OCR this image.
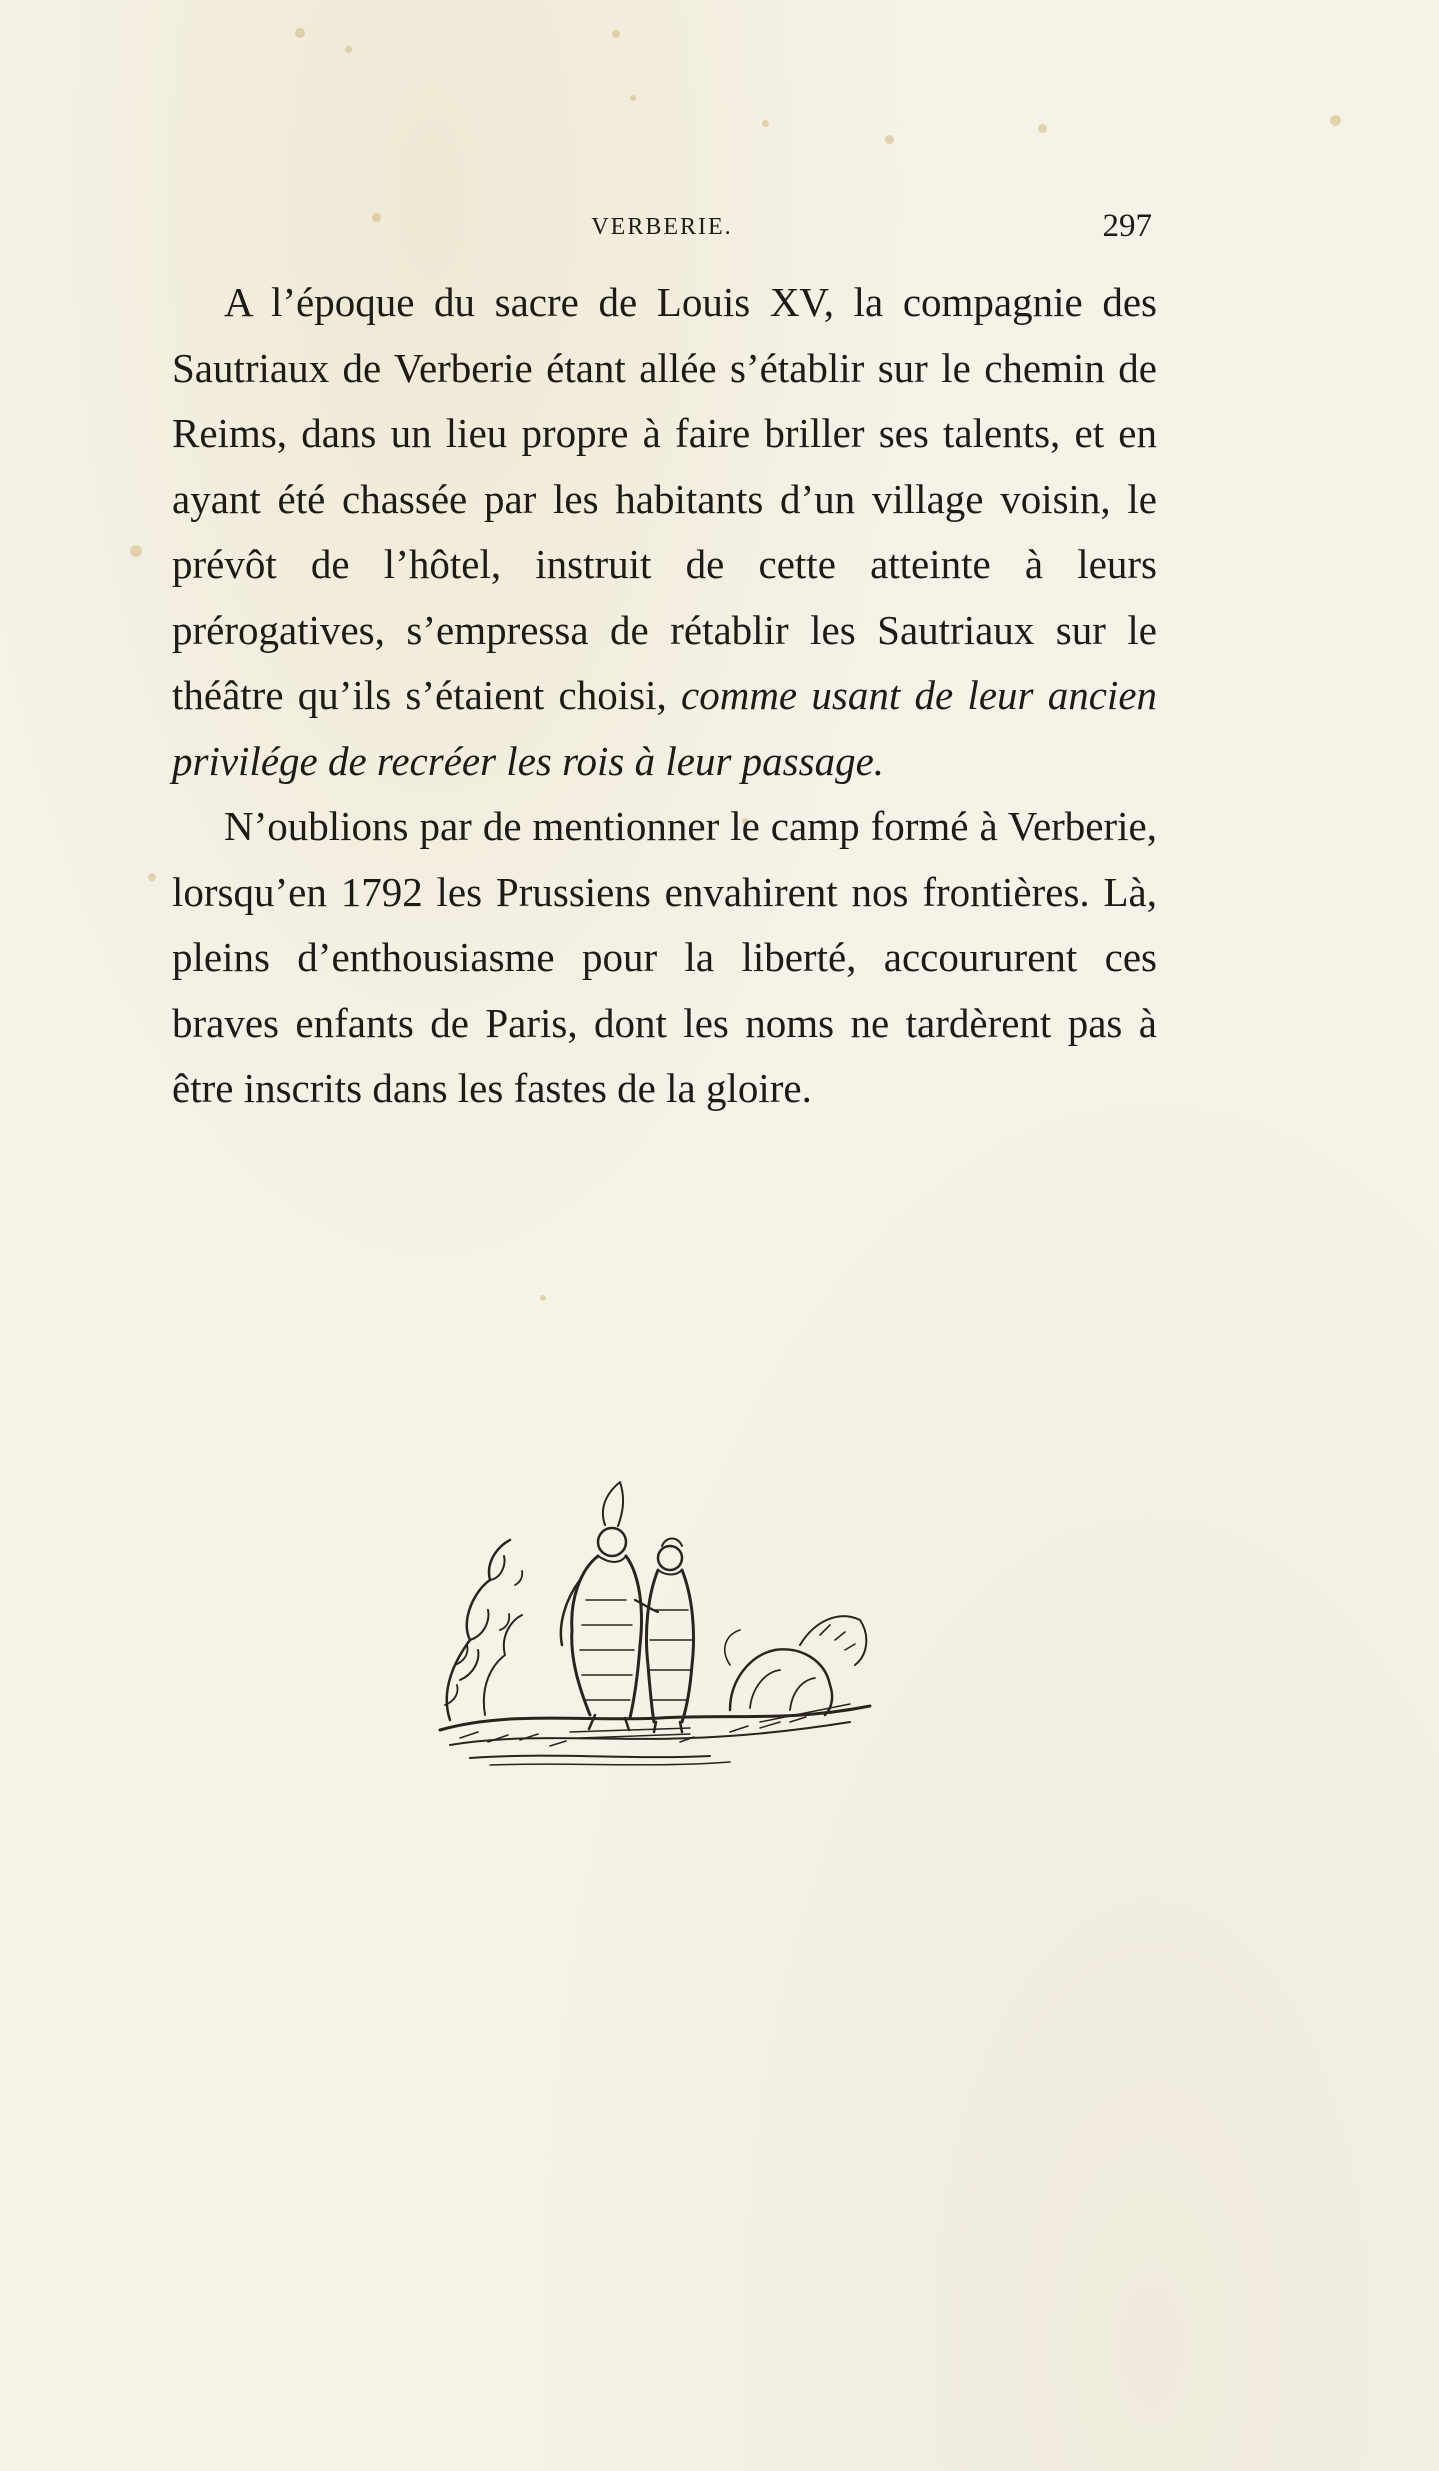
VERBERIE.	297

A l’époque du sacre de Louis XV, la compagnie des Sautriaux de Verberie étant allée s’établir sur le chemin de Reims, dans un lieu propre à faire briller ses talents, et en ayant été chassée par les habitants d’un village voisin, le prévôt de l’hôtel, instruit de cette atteinte à leurs prérogatives, s’empressa de rétablir les Sautriaux sur le théâtre qu’ils s’étaient choisi, comme usant de leur ancien privilége de recréer les rois à leur passage.

N’oublions par de mentionner le camp formé à Verberie, lorsqu’en 1792 les Prussiens envahirent nos frontières. Là, pleins d’enthousiasme pour la liberté, accoururent ces braves enfants de Paris, dont les noms ne tardèrent pas à être inscrits dans les fastes de la gloire.
